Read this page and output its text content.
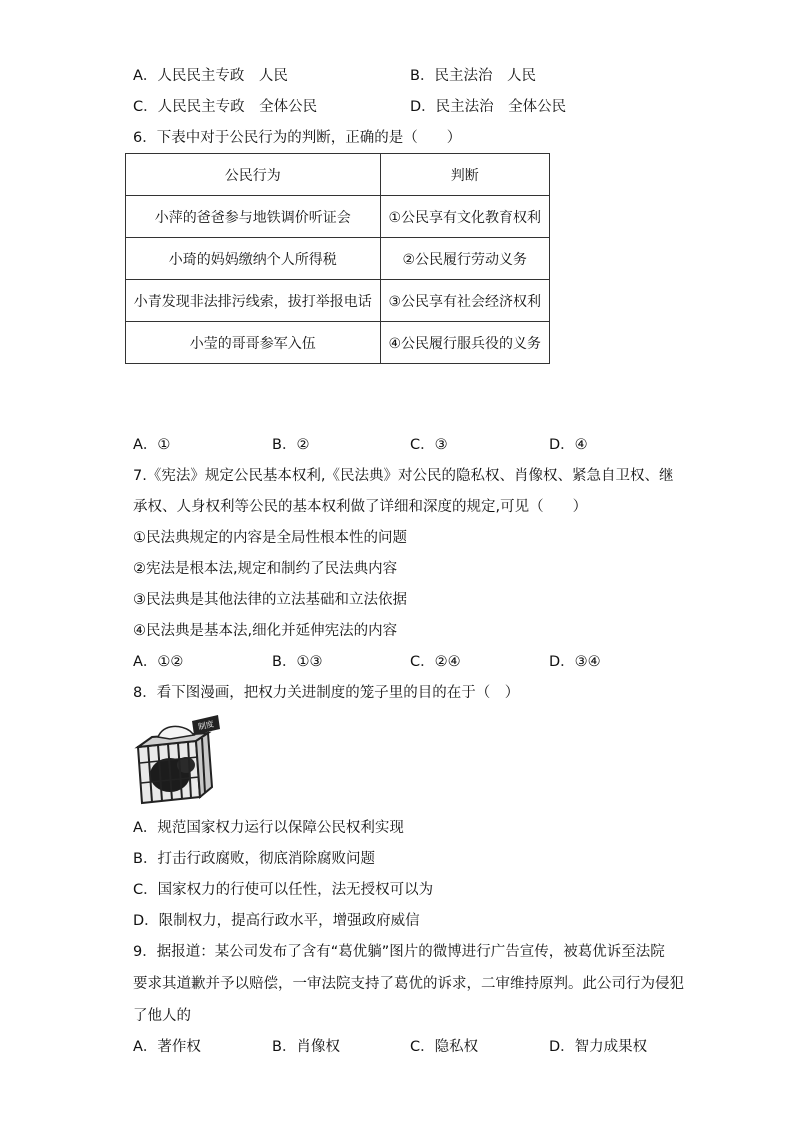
A．人民民主专政　人民	B．民主法治　人民
C．人民民主专政　全体公民	D．民主法治　全体公民
6．下表中对于公民行为的判断，正确的是（　　）
公民行为	判断
小萍的爸爸参与地铁调价听证会	①公民享有文化教育权利
小琦的妈妈缴纳个人所得税	②公民履行劳动义务
小青发现非法排污线索，拔打举报电话	③公民享有社会经济权利
小莹的哥哥参军入伍	④公民履行服兵役的义务
A．①	B．②	C．③	D．④
7.《宪法》规定公民基本权利,《民法典》对公民的隐私权、肖像权、紧急自卫权、继
承权、人身权利等公民的基本权利做了详细和深度的规定,可见（　　）
①民法典规定的内容是全局性根本性的问题
②宪法是根本法,规定和制约了民法典内容
③民法典是其他法律的立法基础和立法依据
④民法典是基本法,细化并延伸宪法的内容
A．①②	B．①③	C．②④	D．③④
8．看下图漫画，把权力关进制度的笼子里的目的在于（　）
制度
A．规范国家权力运行以保障公民权利实现
B．打击行政腐败，彻底消除腐败问题
C．国家权力的行使可以任性，法无授权可以为
D．限制权力，提高行政水平，增强政府威信
9．据报道：某公司发布了含有“葛优躺”图片的微博进行广告宣传，被葛优诉至法院
要求其道歉并予以赔偿，一审法院支持了葛优的诉求，二审维持原判。此公司行为侵犯
了他人的
A．著作权	B．肖像权	C．隐私权	D．智力成果权
